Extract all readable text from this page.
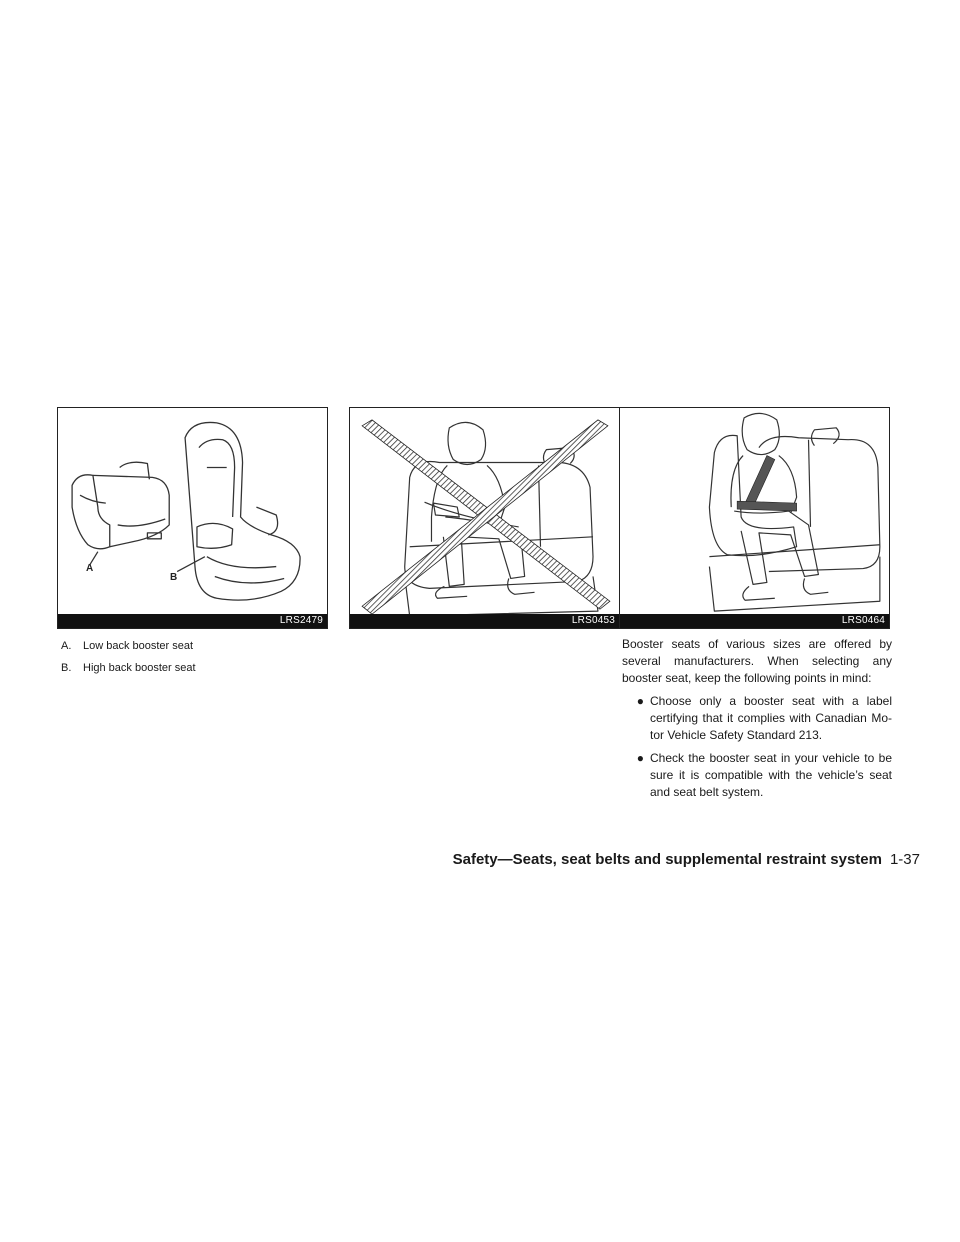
A
B
LRS2479	LRS0453	LRS0464
A.	Low back booster seat
B.	High back booster seat

Booster seats of various sizes are offered by several manufacturers. When selecting any booster seat, keep the following points in mind:

● Choose only a booster seat with a label certifying that it complies with Canadian Mo-tor Vehicle Safety Standard 213.
● Check the booster seat in your vehicle to be sure it is compatible with the vehicle’s seat and seat belt system.
Safety—Seats, seat belts and supplemental restraint system 1-37
